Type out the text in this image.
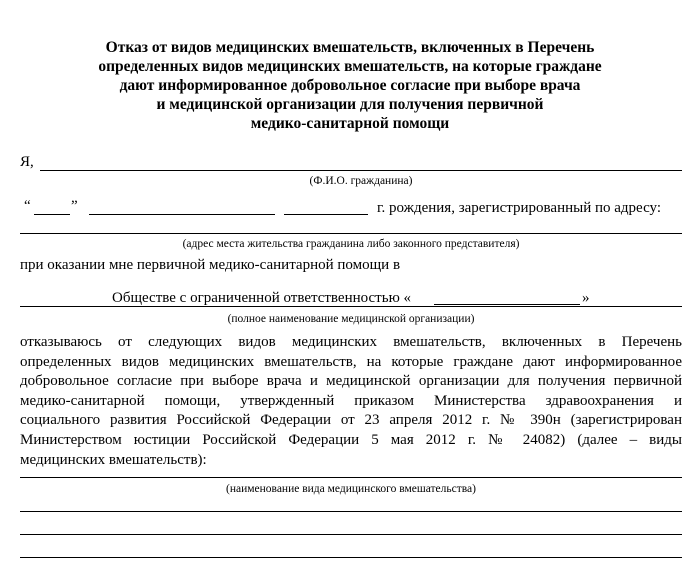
Отказ от видов медицинских вмешательств, включенных в Перечень
определенных видов медицинских вмешательств, на которые граждане
дают информированное добровольное согласие при выборе врача
и медицинской организации для получения первичной
медико-санитарной помощи
Я,
(Ф.И.О. гражданина)
“	”	г. рождения, зарегистрированный по адресу:
(адрес места жительства гражданина либо законного представителя)
при оказании мне первичной медико-санитарной помощи в
Обществе с ограниченной ответственностью «	»
(полное наименование медицинской организации)
отказываюсь от следующих видов медицинских вмешательств, включенных в Перечень
определенных видов медицинских вмешательств, на которые граждане дают информированное
добровольное согласие при выборе врача и медицинской организации для получения первичной
медико-санитарной помощи, утвержденный приказом Министерства здравоохранения и
социального развития Российской Федерации от 23 апреля 2012 г. № 390н (зарегистрирован
Министерством юстиции Российской Федерации 5 мая 2012 г. № 24082) (далее – виды
медицинских вмешательств):
(наименование вида медицинского вмешательства)
